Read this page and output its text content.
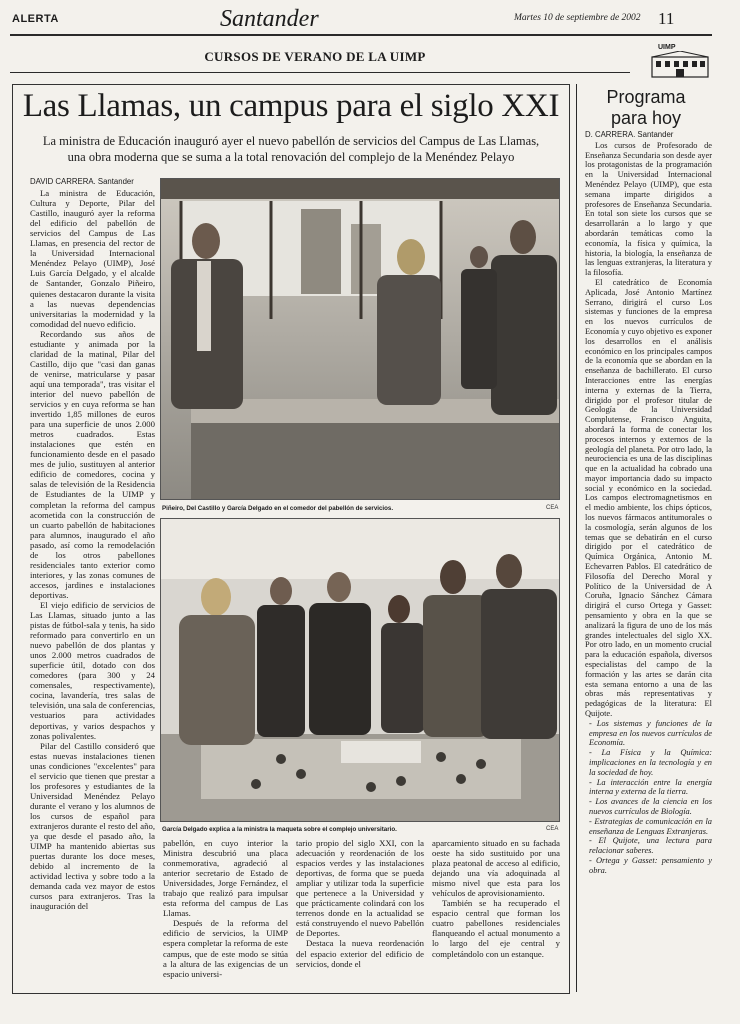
ALERTA	Santander	Martes 10 de septiembre de 2002 11
CURSOS DE VERANO DE LA UIMP
UIMP
Las Llamas, un campus para el siglo XXI
La ministra de Educación inauguró ayer el nuevo pabellón de servicios del Campus de Las Llamas,
una obra moderna que se suma a la total renovación del complejo de la Menéndez Pelayo

DAVID CARRERA. Santander

La ministra de Educación, Cultura y Deporte, Pilar del Castillo, inauguró ayer la reforma del edificio del pabellón de servicios del Campus de Las Llamas, en presencia del rector de la Universidad Internacional Menéndez Pelayo (UIMP), José Luis García Delgado, y el alcalde de Santander, Gonzalo Piñeiro, quienes destacaron durante la visita a las nuevas dependencias universitarias la modernidad y la comodidad del nuevo edificio.

Recordando sus años de estudiante y animada por la claridad de la matinal, Pilar del Castillo, dijo que "casi dan ganas de venirse, matricularse y pasar aquí una temporada", tras visitar el interior del nuevo pabellón de servicios y en cuya reforma se han invertido 1,85 millones de euros para una superficie de unos 2.000 metros cuadrados. Estas instalaciones que estén en funcionamiento desde en el pasado mes de julio, sustituyen al anterior edificio de comedores, cocina y salas de televisión de la Residencia de Estudiantes de la UIMP y completan la reforma del campus acometida con la construcción de un cuarto pabellón de habitaciones para alumnos, inaugurado el año pasado, así como la remodelación de los otros pabellones residenciales tanto exterior como interiores, y las zonas comunes de accesos, jardines e instalaciones deportivas.

El viejo edificio de servicios de Las Llamas, situado junto a las pistas de fútbol-sala y tenis, ha sido reformado para convertirlo en un nuevo pabellón de dos plantas y unos 2.000 metros cuadrados de superficie útil, dotado con dos comedores (para 300 y 24 comensales, respectivamente), cocina, lavandería, tres salas de televisión, una sala de conferencias, vestuarios para actividades deportivas, y varios despachos y zonas polivalentes.

Pilar del Castillo consideró que estas nuevas instalaciones tienen unas condiciones "excelentes" para el servicio que tienen que prestar a los profesores y estudiantes de la Universidad Menéndez Pelayo durante el verano y los alumnos de los cursos de español para extranjeros durante el resto del año, ya que desde el pasado año, la UIMP ha mantenido abiertas sus puertas durante los doce meses, debido al incremento de la actividad lectiva y sobre todo a la demanda cada vez mayor de estos cursos para extranjeros. Tras la inauguración del

Piñeiro, Del Castillo y García Delgado en el comedor del pabellón de servicios.	CEA
García Delgado explica a la ministra la maqueta sobre el complejo universitario.	CEA

pabellón, en cuyo interior la Ministra descubrió una placa conmemorativa, agradeció al anterior secretario de Estado de Universidades, Jorge Fernández, el trabajo que realizó para impulsar esta reforma del campus de Las Llamas.

Después de la reforma del edificio de servicios, la UIMP espera completar la reforma de este campus, que de este modo se sitúa a la altura de las exigencias de un espacio universi-

tario propio del siglo XXI, con la adecuación y reordenación de los espacios verdes y las instalaciones deportivas, de forma que se pueda ampliar y utilizar toda la superficie que pertenece a la Universidad y que prácticamente colindará con los terrenos donde en la actualidad se está construyendo el nuevo Pabellón de Deportes.

Destaca la nueva reordenación del espacio exterior del edificio de servicios, donde el

aparcamiento situado en su fachada oeste ha sido sustituido por una plaza peatonal de acceso al edificio, dejando una vía adoquinada al mismo nivel que esta para los vehículos de aprovisionamiento.

También se ha recuperado el espacio central que forman los cuatro pabellones residenciales flanqueando el actual monumento a lo largo del eje central y completándolo con un estanque.

Programa
para hoy

D. CARRERA. Santander

Los cursos de Profesorado de Enseñanza Secundaria son desde ayer los protagonistas de la programación en la Universidad Internacional Menéndez Pelayo (UIMP), que esta semana imparte dirigidos a profesores de Enseñanza Secundaria. En total son siete los cursos que se desarrollarán a lo largo y que abordarán temáticas como la economía, la física y química, la historia, la biología, la enseñanza de las lenguas extranjeras, la literatura y la filosofía.

El catedrático de Economía Aplicada, José Antonio Martínez Serrano, dirigirá el curso Los sistemas y funciones de la empresa en los nuevos currículos de Economía y cuyo objetivo es exponer los desarrollos en el análisis económico en los principales campos de la economía que se abordan en la enseñanza de bachillerato. El curso Interacciones entre las energías interna y externas de la Tierra, dirigido por el profesor titular de Geología de la Universidad Complutense, Francisco Anguita, abordará la forma de conectar los procesos internos y externos de la geología del planeta. Por otro lado, la neurociencia es una de las disciplinas que en la actualidad ha cobrado una mayor importancia dado su impacto social y económico en la sociedad. Los campos electromagnetismos en el medio ambiente, los chips ópticos, los nuevos fármacos antitumorales o la cosmología, serán algunos de los temas que se debatirán en el curso dirigido por el catedrático de Química Orgánica, Antonio M. Echevarren Pablos. El catedrático de Filosofía del Derecho Moral y Político de la Universidad de A Coruña, Ignacio Sánchez Cámara dirigirá el curso Ortega y Gasset: pensamiento y obra en la que se analizará la figura de uno de los más grandes intelectuales del siglo XX. Por otro lado, en un momento crucial para la educación española, diversos especialistas del campo de la formación y las artes se darán cita esta semana entorno a una de las obras más representativas y pedagógicas de la literatura: El Quijote.

- Los sistemas y funciones de la empresa en los nuevos currículos de Economía.

- La Física y la Química: implicaciones en la tecnología y en la sociedad de hoy.

- La interacción entre la energía interna y externa de la tierra.

- Los avances de la ciencia en los nuevos currículos de Biología.

- Estrategias de comunicación en la enseñanza de Lenguas Extranjeras.

- El Quijote, una lectura para relacionar saberes.

- Ortega y Gasset: pensamiento y obra.
